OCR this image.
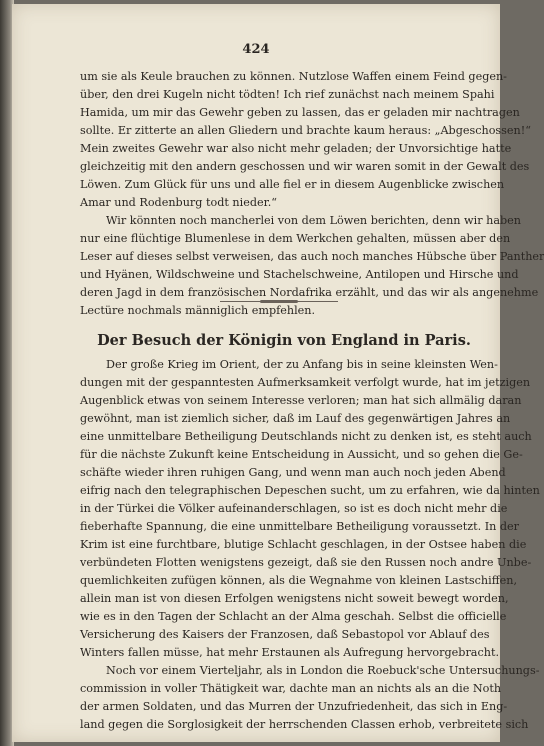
424
um sie als Keule brauchen zu können. Nutzlose Waffen einem Feind gegen-
über, den drei Kugeln nicht tödten! Ich rief zunächst nach meinem Spahi
Hamida, um mir das Gewehr geben zu lassen, das er geladen mir nachtragen
sollte. Er zitterte an allen Gliedern und brachte kaum heraus: „Abgeschossen!“
Mein zweites Gewehr war also nicht mehr geladen; der Unvorsichtige hatte
gleichzeitig mit den andern geschossen und wir waren somit in der Gewalt des
Löwen. Zum Glück für uns und alle fiel er in diesem Augenblicke zwischen
Amar und Rodenburg todt nieder.“
Wir könnten noch mancherlei von dem Löwen berichten, denn wir haben
nur eine flüchtige Blumenlese in dem Werkchen gehalten, müssen aber den
Leser auf dieses selbst verweisen, das auch noch manches Hübsche über Panther
und Hyänen, Wildschweine und Stachelschweine, Antilopen und Hirsche und
deren Jagd in dem französischen Nordafrika erzählt, und das wir als angenehme
Lectüre nochmals männiglich empfehlen.
Der Besuch der Königin von England in Paris.
Der große Krieg im Orient, der zu Anfang bis in seine kleinsten Wen-
dungen mit der gespanntesten Aufmerksamkeit verfolgt wurde, hat im jetzigen
Augenblick etwas von seinem Interesse verloren; man hat sich allmälig daran
gewöhnt, man ist ziemlich sicher, daß im Lauf des gegenwärtigen Jahres an
eine unmittelbare Betheiligung Deutschlands nicht zu denken ist, es steht auch
für die nächste Zukunft keine Entscheidung in Aussicht, und so gehen die Ge-
schäfte wieder ihren ruhigen Gang, und wenn man auch noch jeden Abend
eifrig nach den telegraphischen Depeschen sucht, um zu erfahren, wie da hinten
in der Türkei die Völker aufeinanderschlagen, so ist es doch nicht mehr die
fieberhafte Spannung, die eine unmittelbare Betheiligung voraussetzt. In der
Krim ist eine furchtbare, blutige Schlacht geschlagen, in der Ostsee haben die
verbündeten Flotten wenigstens gezeigt, daß sie den Russen noch andre Unbe-
quemlichkeiten zufügen können, als die Wegnahme von kleinen Lastschiffen,
allein man ist von diesen Erfolgen wenigstens nicht soweit bewegt worden,
wie es in den Tagen der Schlacht an der Alma geschah. Selbst die officielle
Versicherung des Kaisers der Franzosen, daß Sebastopol vor Ablauf des
Winters fallen müsse, hat mehr Erstaunen als Aufregung hervorgebracht.
Noch vor einem Vierteljahr, als in London die Roebuck'sche Untersuchungs-
commission in voller Thätigkeit war, dachte man an nichts als an die Noth
der armen Soldaten, und das Murren der Unzufriedenheit, das sich in Eng-
land gegen die Sorglosigkeit der herrschenden Classen erhob, verbreitete sich
